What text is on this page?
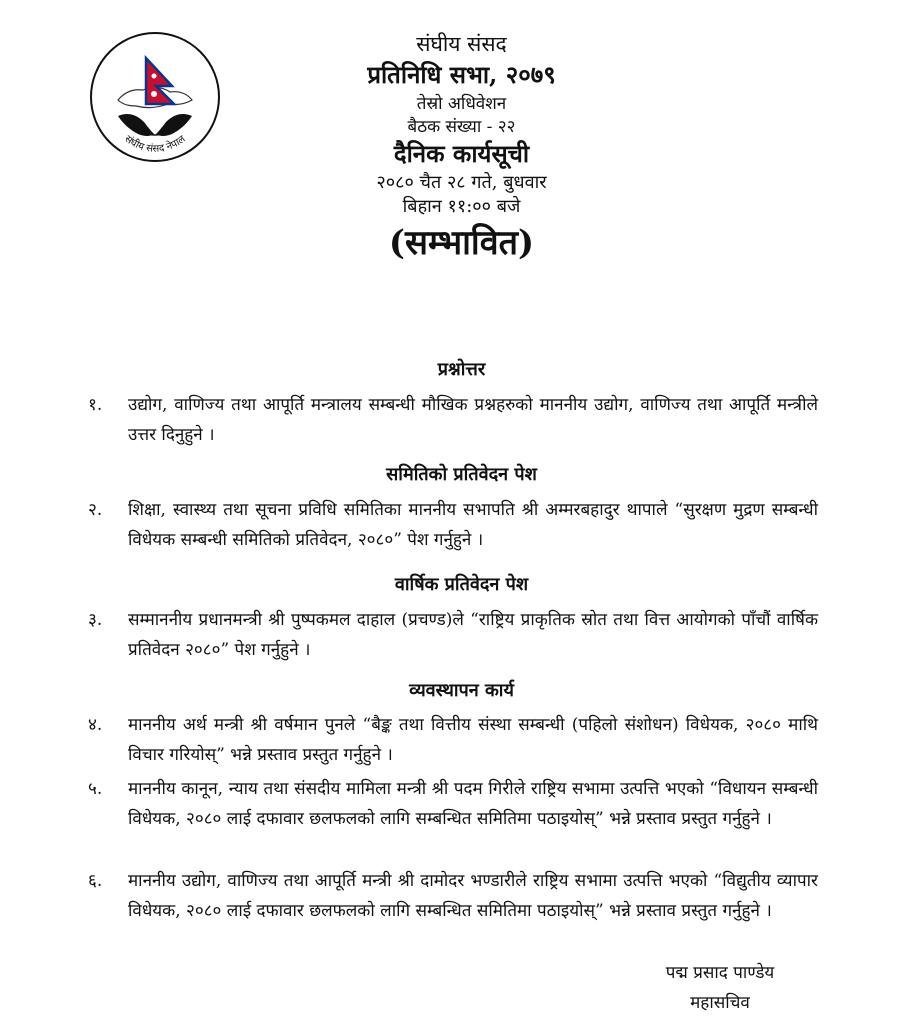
संघीय संसद नेपाल
संघीय संसद
प्रतिनिधि सभा, २०७९
तेस्रो अधिवेशन
बैठक संख्या - २२
दैनिक कार्यसूची
२०८० चैत २८ गते, बुधवार
बिहान ११:०० बजे
(सम्भावित)
प्रश्नोत्तर
१.	उद्योग, वाणिज्य तथा आपूर्ति मन्त्रालय सम्बन्धी मौखिक प्रश्नहरुको माननीय उद्योग, वाणिज्य तथा आपूर्ति मन्त्रीले उत्तर दिनुहुने ।
समितिको प्रतिवेदन पेश
२.	शिक्षा, स्वास्थ्य तथा सूचना प्रविधि समितिका माननीय सभापति श्री अम्मरबहादुर थापाले “सुरक्षण मुद्रण सम्बन्धी विधेयक सम्बन्धी समितिको प्रतिवेदन, २०८०” पेश गर्नुहुने ।
वार्षिक प्रतिवेदन पेश
३.	सम्माननीय प्रधानमन्त्री श्री पुष्पकमल दाहाल (प्रचण्ड)ले “राष्ट्रिय प्राकृतिक स्रोत तथा वित्त आयोगको पाँचौं वार्षिक प्रतिवेदन २०८०” पेश गर्नुहुने ।
व्यवस्थापन कार्य
४.	माननीय अर्थ मन्त्री श्री वर्षमान पुनले “बैङ्क तथा वित्तीय संस्था सम्बन्धी (पहिलो संशोधन) विधेयक, २०८० माथि विचार गरियोस्” भन्ने प्रस्ताव प्रस्तुत गर्नुहुने ।
५.	माननीय कानून, न्याय तथा संसदीय मामिला मन्त्री श्री पदम गिरीले राष्ट्रिय सभामा उत्पत्ति भएको “विधायन सम्बन्धी विधेयक, २०८० लाई दफावार छलफलको लागि सम्बन्धित समितिमा पठाइयोस्” भन्ने प्रस्ताव प्रस्तुत गर्नुहुने ।
६.	माननीय उद्योग, वाणिज्य तथा आपूर्ति मन्त्री श्री दामोदर भण्डारीले राष्ट्रिय सभामा उत्पत्ति भएको “विद्युतीय व्यापार विधेयक, २०८० लाई दफावार छलफलको लागि सम्बन्धित समितिमा पठाइयोस्” भन्ने प्रस्ताव प्रस्तुत गर्नुहुने ।
पद्म प्रसाद पाण्डेय
महासचिव
